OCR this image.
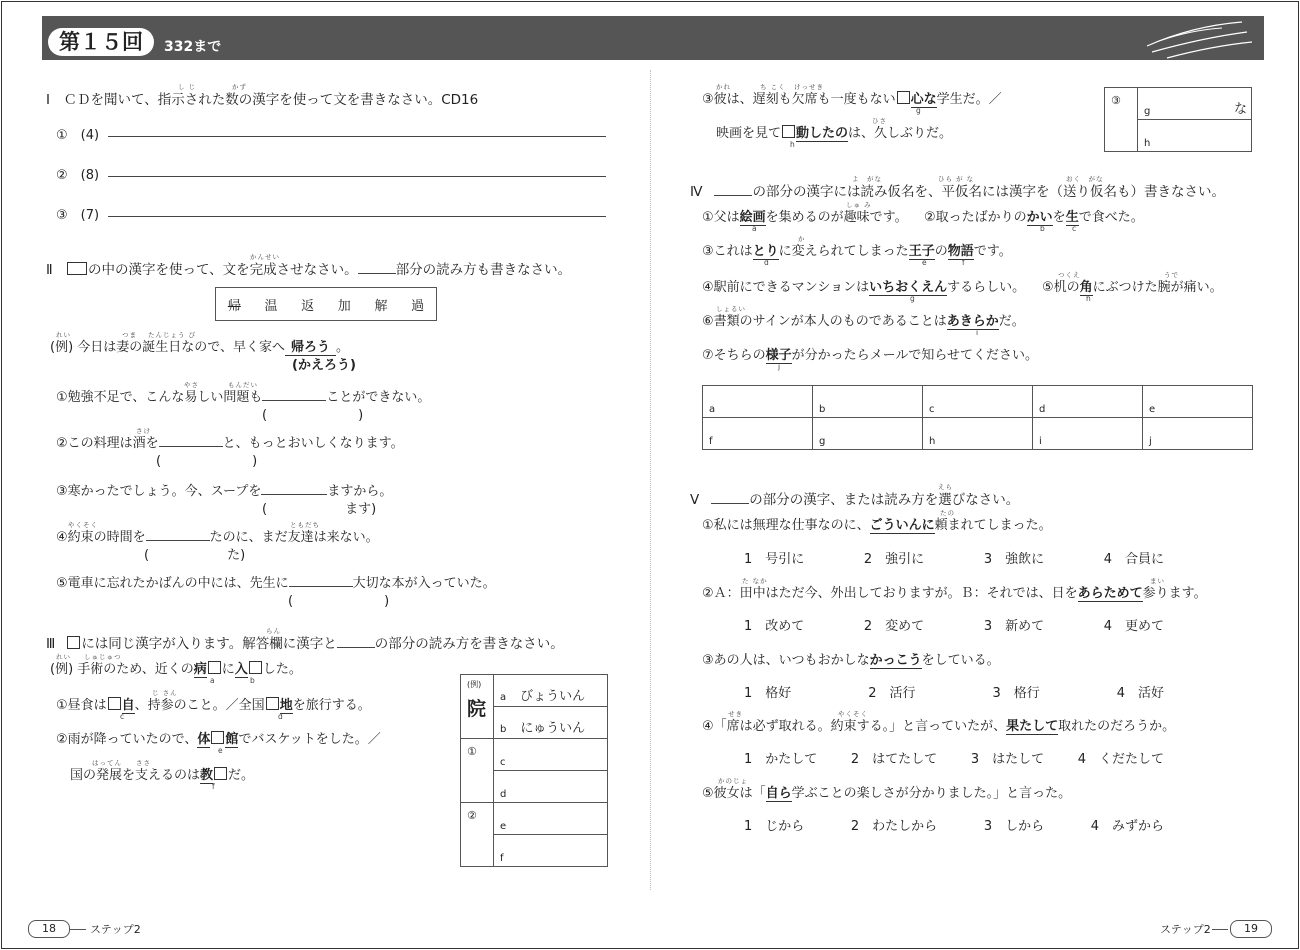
第１５回	332まで
し じ	かず
Ⅰ　ＣＤを聞いて、指示された数の漢字を使って文を書きなさい。CD16
①　(4)
②　(8)
③　(7)
かんせい
Ⅱ	の中の漢字を使って、文を完成させなさい。	部分の読み方も書きなさい。
帰 温 返 加 解 過
れい	つま たんじょう び
(例) 今日は妻の誕生日なので、早く家へ 帰ろう 。
(かえろう)
やさ	もんだい
①勉強不足で、こんな易しい問題も	ことができない。
(　　　　　　　)
さけ
②この料理は酒を	と、もっとおいしくなります。
(　　　　　　　)
③寒かったでしょう。今、スープを	ますから。
(　　　　　　ます)
やくそく	ともだち
④約束の時間を	たのに、まだ友達は来ない。
(　　　　　　た)
⑤電車に忘れたかばんの中には、先生に	大切な本が入っていた。
(　　　　　　　)
らん
Ⅲ には同じ漢字が入ります。解答欄に漢字と	の部分の読み方を書きなさい。
れい しゅじゅつ
(例) 手術のため、近くの病 に入 した。
a	b
じ さん
①昼食は 自、持参のこと。／全国 地を旅行する。
c	d
②雨が降っていたので、体 館でバスケットをした。／
e
はってん ささ
国の発展を支えるのは教 だ。
f
(例)
院	a びょういん
	b にゅういん
①	c
	d
②	e
	f
かれ	ち こく けっせき
③彼は、遅刻も欠席も一度もない 心な学生だ。／
g
ひさ
映画を見て 動したのは、久しぶりだ。
h
③	g	な

h
よ　がな	ひら が な	おく　がな
Ⅳ	の部分の漢字には読み仮名を、平仮名には漢字を（送り仮名も）書きなさい。
しゅ み
①父は絵画を集めるのが趣味です。 ②取ったばかりのかいを生で食べた。
a	b	c
か
③これはとりに変えられてしまった王子の物語です。
d	e	f
つくえ	うで
④駅前にできるマンションはいちおくえんするらしい。 ⑤机の角にぶつけた腕が痛い。
g	h
しょるい
⑥書類のサインが本人のものであることはあきらかだ。
i
⑦そちらの様子が分かったらメールで知らせてください。
j
a	b	c	d	e
f	g	h	i	j
えら
Ⅴ	の部分の漢字、または読み方を選びなさい。
たの
①私には無理な仕事なのに、ごういんに頼まれてしまった。
1　号引に	2　強引に	3　強飲に	4　合員に
た なか	まい
②Ａ：田中はただ今、外出しておりますが。Ｂ：それでは、日をあらためて参ります。
1　改めて	2　変めて	3　新めて	4　更めて
③あの人は、いつもおかしなかっこうをしている。
1　格好	2　活行	3　格行	4　活好
せき	やくそく
④「席は必ず取れる。約束する。」と言っていたが、果たして取れたのだろうか。
1　かたして	2　はてたして	3　はたして	4　くだたして
かのじょ
⑤彼女は「自ら学ぶことの楽しさが分かりました。」と言った。
1　じから	2　わたしから	3　しから	4　みずから
18	ステップ2	ステップ2	19
